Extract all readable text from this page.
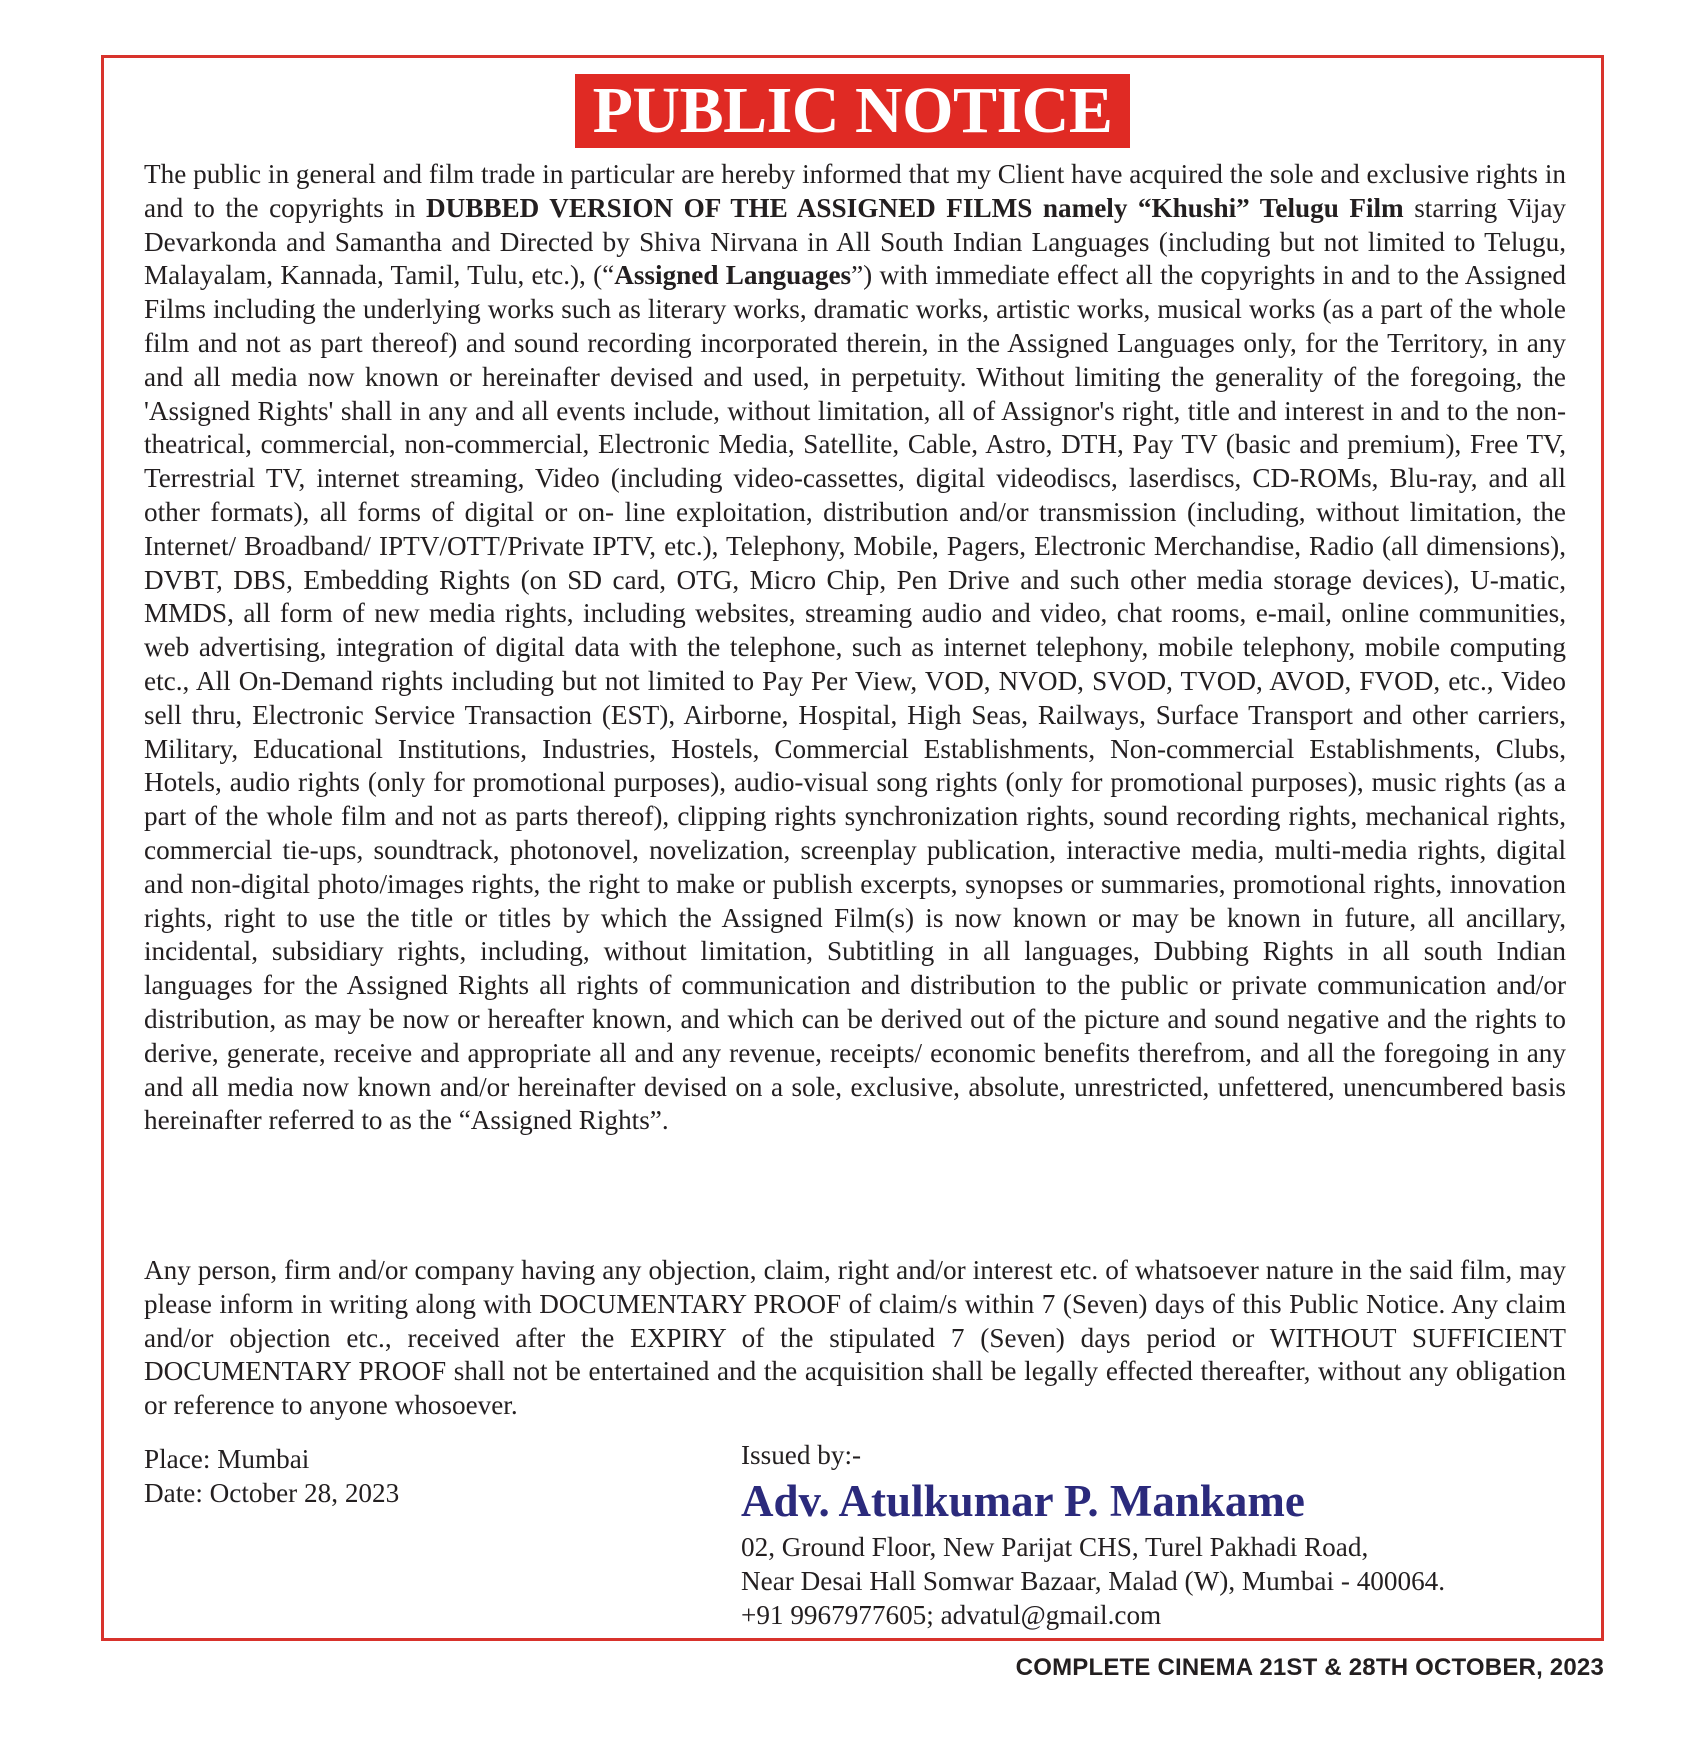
PUBLIC NOTICE

The public in general and film trade in particular are hereby informed that my Client have acquired the sole and exclusive rights in and to the copyrights in DUBBED VERSION OF THE ASSIGNED FILMS namely “Khushi” Telugu Film starring Vijay Devarkonda and Samantha and Directed by Shiva Nirvana in All South Indian Languages (including but not limited to Telugu, Malayalam, Kannada, Tamil, Tulu, etc.), (“Assigned Languages”) with immediate effect all the copyrights in and to the Assigned Films including the underlying works such as literary works, dramatic works, artistic works, musical works (as a part of the whole film and not as part thereof) and sound recording incorporated therein, in the Assigned Languages only, for the Territory, in any and all media now known or hereinafter devised and used, in perpetuity. Without limiting the generality of the foregoing, the 'Assigned Rights' shall in any and all events include, without limitation, all of Assignor's right, title and interest in and to the non-theatrical, commercial, non-commercial, Electronic Media, Satellite, Cable, Astro, DTH, Pay TV (basic and premium), Free TV, Terrestrial TV, internet streaming, Video (including video-cassettes, digital videodiscs, laserdiscs, CD-ROMs, Blu-ray, and all other formats), all forms of digital or on- line exploitation, distribution and/or transmission (including, without limitation, the Internet/ Broadband/ IPTV/OTT/Private IPTV, etc.), Telephony, Mobile, Pagers, Electronic Merchandise, Radio (all dimensions), DVBT, DBS, Embedding Rights (on SD card, OTG, Micro Chip, Pen Drive and such other media storage devices), U-matic, MMDS, all form of new media rights, including websites, streaming audio and video, chat rooms, e-mail, online communities, web advertising, integration of digital data with the telephone, such as internet telephony, mobile telephony, mobile computing etc., All On-Demand rights including but not limited to Pay Per View, VOD, NVOD, SVOD, TVOD, AVOD, FVOD, etc., Video sell thru, Electronic Service Transaction (EST), Airborne, Hospital, High Seas, Railways, Surface Transport and other carriers, Military, Educational Institutions, Industries, Hostels, Commercial Establishments, Non-commercial Establishments, Clubs, Hotels, audio rights (only for promotional purposes), audio-visual song rights (only for promotional purposes), music rights (as a part of the whole film and not as parts thereof), clipping rights synchronization rights, sound recording rights, mechanical rights, commercial tie-ups, soundtrack, photonovel, novelization, screenplay publication, interactive media, multi-media rights, digital and non-digital photo/images rights, the right to make or publish excerpts, synopses or summaries, promotional rights, innovation rights, right to use the title or titles by which the Assigned Film(s) is now known or may be known in future, all ancillary, incidental, subsidiary rights, including, without limitation, Subtitling in all languages, Dubbing Rights in all south Indian languages for the Assigned Rights all rights of communication and distribution to the public or private communication and/or distribution, as may be now or hereafter known, and which can be derived out of the picture and sound negative and the rights to derive, generate, receive and appropriate all and any revenue, receipts/ economic benefits therefrom, and all the foregoing in any and all media now known and/or hereinafter devised on a sole, exclusive, absolute, unrestricted, unfettered, unencumbered basis hereinafter referred to as the “Assigned Rights”.

Any person, firm and/or company having any objection, claim, right and/or interest etc. of whatsoever nature in the said film, may please inform in writing along with DOCUMENTARY PROOF of claim/s within 7 (Seven) days of this Public Notice. Any claim and/or objection etc., received after the EXPIRY of the stipulated 7 (Seven) days period or WITHOUT SUFFICIENT DOCUMENTARY PROOF shall not be entertained and the acquisition shall be legally effected thereafter, without any obligation or reference to anyone whosoever.

Place: Mumbai
Date: October 28, 2023
Issued by:-
Adv. Atulkumar P. Mankame
02, Ground Floor, New Parijat CHS, Turel Pakhadi Road,
Near Desai Hall Somwar Bazaar, Malad (W), Mumbai - 400064.
+91 9967977605; advatul@gmail.com
COMPLETE CINEMA 21ST & 28TH OCTOBER, 2023
